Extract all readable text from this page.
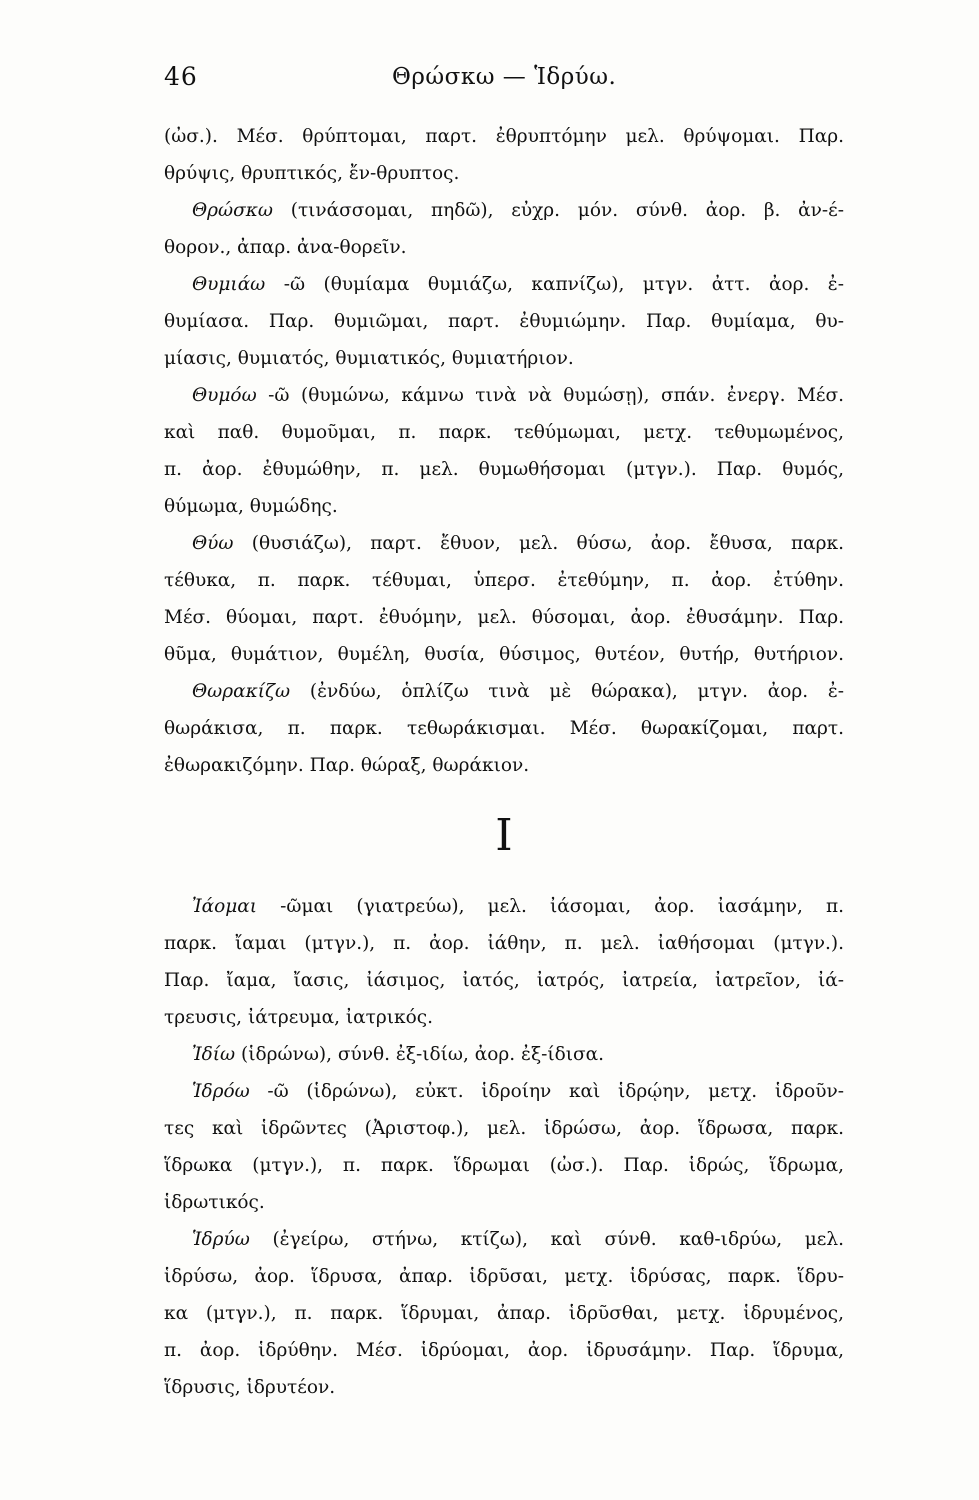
46	Θρώσκω — Ἱδρύω.
(ὠσ.). Μέσ. θρύπτομαι, παρτ. ἐθρυπτόμην μελ. θρύψομαι. Παρ.
θρύψις, θρυπτικός, ἔν-θρυπτος.
Θρώσκω (τινάσσομαι, πηδῶ), εὐχρ. μόν. σύνθ. ἀορ. β. ἀν-έ-
θορον., ἀπαρ. ἀνα-θορεῖν.
Θυμιάω -ῶ (θυμίαμα θυμιάζω, καπνίζω), μτγν. ἀττ. ἀορ. ἐ-
θυμίασα. Παρ. θυμιῶμαι, παρτ. ἐθυμιώμην. Παρ. θυμίαμα, θυ-
μίασις, θυμιατός, θυμιατικός, θυμιατήριον.
Θυμόω -ῶ (θυμώνω, κάμνω τινὰ νὰ θυμώσῃ), σπάν. ἐνεργ. Μέσ.
καὶ παθ. θυμοῦμαι, π. παρκ. τεθύμωμαι, μετχ. τεθυμωμένος,
π. ἀορ. ἐθυμώθην, π. μελ. θυμωθήσομαι (μτγν.). Παρ. θυμός,
θύμωμα, θυμώδης.
Θύω (θυσιάζω), παρτ. ἔθυον, μελ. θύσω, ἀορ. ἔθυσα, παρκ.
τέθυκα, π. παρκ. τέθυμαι, ὑπερσ. ἐτεθύμην, π. ἀορ. ἐτύθην.
Μέσ. θύομαι, παρτ. ἐθυόμην, μελ. θύσομαι, ἀορ. ἐθυσάμην. Παρ.
θῦμα, θυμάτιον, θυμέλη, θυσία, θύσιμος, θυτέον, θυτήρ, θυτήριον.
Θωρακίζω (ἐνδύω, ὁπλίζω τινὰ μὲ θώρακα), μτγν. ἀορ. ἐ-
θωράκισα, π. παρκ. τεθωράκισμαι. Μέσ. θωρακίζομαι, παρτ.
ἐθωρακιζόμην. Παρ. θώραξ, θωράκιον.
I
Ἰάομαι -ῶμαι (γιατρεύω), μελ. ἰάσομαι, ἀορ. ἰασάμην, π.
παρκ. ἴαμαι (μτγν.), π. ἀορ. ἰάθην, π. μελ. ἰαθήσομαι (μτγν.).
Παρ. ἴαμα, ἴασις, ἰάσιμος, ἰατός, ἰατρός, ἰατρεία, ἰατρεῖον, ἰά-
τρευσις, ἰάτρευμα, ἰατρικός.
Ἰδίω (ἱδρώνω), σύνθ. ἐξ-ιδίω, ἀορ. ἐξ-ίδισα.
Ἱδρόω -ῶ (ἱδρώνω), εὐκτ. ἱδροίην καὶ ἱδρῴην, μετχ. ἱδροῦν-
τες καὶ ἱδρῶντες (Ἀριστοφ.), μελ. ἱδρώσω, ἀορ. ἵδρωσα, παρκ.
ἵδρωκα (μτγν.), π. παρκ. ἵδρωμαι (ὠσ.). Παρ. ἱδρώς, ἵδρωμα,
ἱδρωτικός.
Ἱδρύω (ἐγείρω, στήνω, κτίζω), καὶ σύνθ. καθ-ιδρύω, μελ.
ἱδρύσω, ἀορ. ἵδρυσα, ἀπαρ. ἱδρῦσαι, μετχ. ἱδρύσας, παρκ. ἵδρυ-
κα (μτγν.), π. παρκ. ἵδρυμαι, ἀπαρ. ἱδρῦσθαι, μετχ. ἱδρυμένος,
π. ἀορ. ἱδρύθην. Μέσ. ἱδρύομαι, ἀορ. ἱδρυσάμην. Παρ. ἵδρυμα,
ἵδρυσις, ἱδρυτέον.
